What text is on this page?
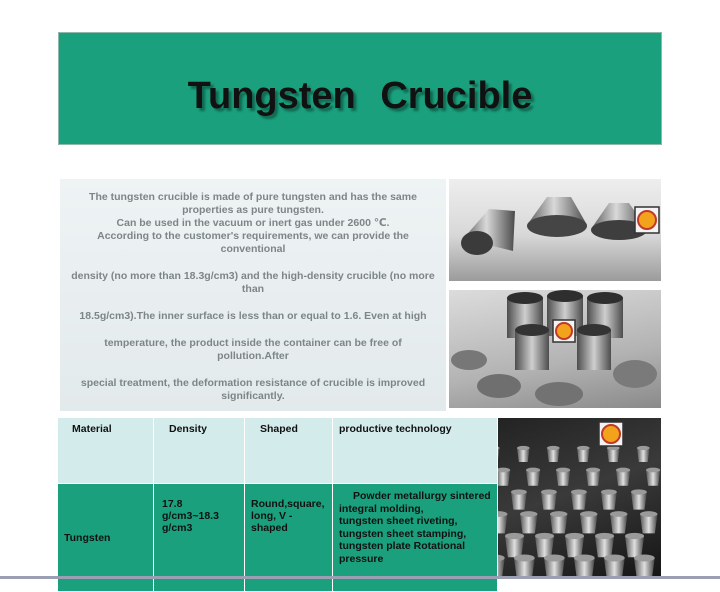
Tungsten Crucible

The tungsten crucible is made of pure tungsten and has the same properties as pure tungsten.

Can be used in the vacuum or inert gas under 2600 ℃.

According to the customer's requirements, we can provide the conventional

density (no more than 18.3g/cm3) and the high-density crucible (no more than

18.5g/cm3).The inner surface is less than or equal to 1.6. Even at high

temperature, the product inside the container can be free of pollution.After

special treatment, the deformation resistance of crucible is improved significantly.

Material	Density	Shaped	productive technology
Tungsten	17.8 g/cm3~18.3 g/cm3	Round,square, long, V - shaped	Powder metallurgy sintered integral molding,
tungsten sheet riveting,
tungsten sheet stamping,
tungsten plate Rotational pressure
